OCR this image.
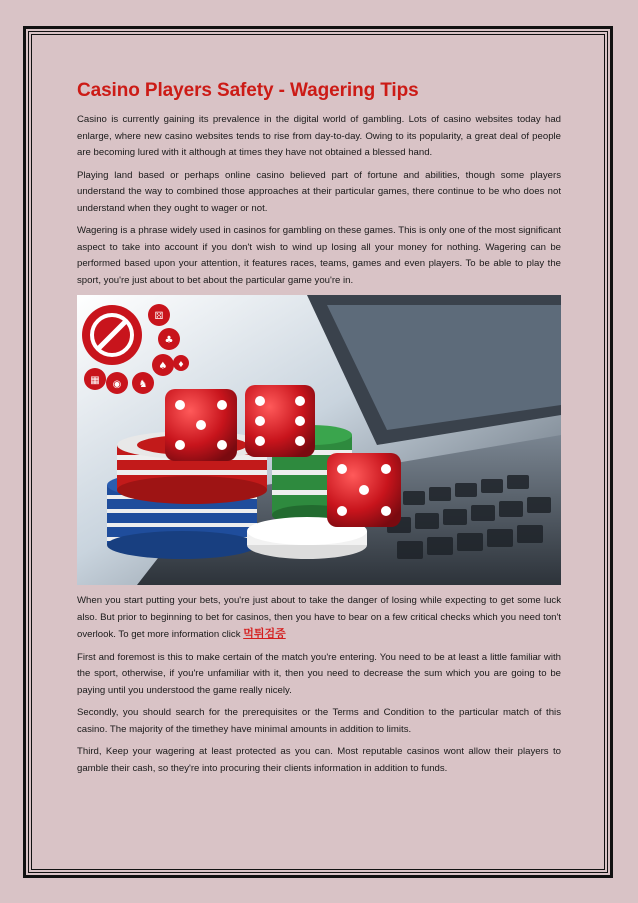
Casino Players Safety - Wagering Tips

Casino is currently gaining its prevalence in the digital world of gambling. Lots of casino websites today had enlarge, where new casino websites tends to rise from day-to-day. Owing to its popularity, a great deal of people are becoming lured with it although at times they have not obtained a blessed hand.

Playing land based or perhaps online casino believed part of fortune and abilities, though some players understand the way to combined those approaches at their particular games, there continue to be who does not understand when they ought to wager or not.

Wagering is a phrase widely used in casinos for gambling on these games. This is only one of the most significant aspect to take into account if you don't wish to wind up losing all your money for nothing. Wagering can be performed based upon your attention, it features races, teams, games and even players. To be able to play the sport, you're just about to bet about the particular game you're in.

⚄
♣
♠
♞
◉
▦
♦

When you start putting your bets, you're just about to take the danger of losing while expecting to get some luck also. But prior to beginning to bet for casinos, then you have to bear on a few critical checks which you need ton't overlook. To get more information click 먹튀검증

First and foremost is this to make certain of the match you're entering. You need to be at least a little familiar with the sport, otherwise, if you're unfamiliar with it, then you need to decrease the sum which you are going to be paying until you understood the game really nicely.

Secondly, you should search for the prerequisites or the Terms and Condition to the particular match of this casino. The majority of the timethey have minimal amounts in addition to limits.

Third, Keep your wagering at least protected as you can. Most reputable casinos wont allow their players to gamble their cash, so they're into procuring their clients information in addition to funds.
